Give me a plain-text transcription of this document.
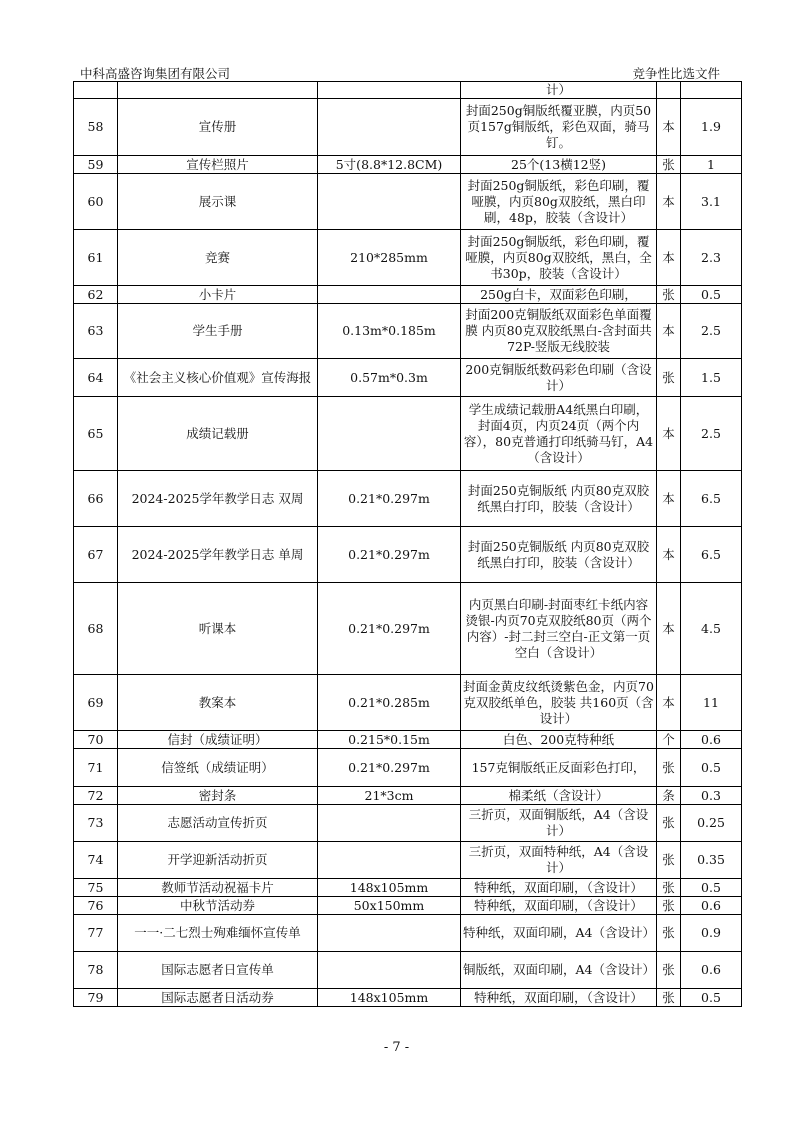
中科高盛咨询集团有限公司	竞争性比选文件
			计）		
58	宣传册		封面250g铜版纸覆亚膜，内页50页157g铜版纸，彩色双面，骑马钉。	本	1.9
59	宣传栏照片	5寸(8.8*12.8CM)	25个(13横12竖)	张	1
60	展示课		封面250g铜版纸，彩色印刷，覆哑膜，内页80g双胶纸，黑白印刷，48p，胶装（含设计）	本	3.1
61	竞赛	210*285mm	封面250g铜版纸，彩色印刷，覆哑膜，内页80g双胶纸，黑白，全书30p，胶装（含设计）	本	2.3
62	小卡片		250g白卡，双面彩色印刷，	张	0.5
63	学生手册	0.13m*0.185m	封面200克铜版纸双面彩色单面覆膜 内页80克双胶纸黑白-含封面共72P-竖版无线胶装	本	2.5
64	《社会主义核心价值观》宣传海报	0.57m*0.3m	200克铜版纸数码彩色印刷（含设计）	张	1.5
65	成绩记载册		学生成绩记载册A4纸黑白印刷，封面4页，内页24页（两个内容），80克普通打印纸骑马钉，A4（含设计）	本	2.5
66	2024-2025学年教学日志 双周	0.21*0.297m	封面250克铜版纸 内页80克双胶纸黑白打印，胶装（含设计）	本	6.5
67	2024-2025学年教学日志 单周	0.21*0.297m	封面250克铜版纸 内页80克双胶纸黑白打印，胶装（含设计）	本	6.5
68	听课本	0.21*0.297m	内页黑白印刷-封面枣红卡纸内容烫银-内页70克双胶纸80页（两个内容）-封二封三空白-正文第一页空白（含设计）	本	4.5
69	教案本	0.21*0.285m	封面金黄皮纹纸烫紫色金，内页70克双胶纸单色，胶装 共160页（含设计）	本	11
70	信封（成绩证明）	0.215*0.15m	白色、200克特种纸	个	0.6
71	信签纸（成绩证明）	0.21*0.297m	157克铜版纸正反面彩色打印，	张	0.5
72	密封条	21*3cm	棉柔纸（含设计）	条	0.3
73	志愿活动宣传折页		三折页，双面铜版纸，A4（含设计）	张	0.25
74	开学迎新活动折页		三折页，双面特种纸，A4（含设计）	张	0.35
75	教师节活动祝福卡片	148x105mm	特种纸，双面印刷，（含设计）	张	0.5
76	中秋节活动券	50x150mm	特种纸，双面印刷，（含设计）	张	0.6
77	一一·二七烈士殉难缅怀宣传单		特种纸，双面印刷，A4（含设计）	张	0.9
78	国际志愿者日宣传单		铜版纸，双面印刷，A4（含设计）	张	0.6
79	国际志愿者日活动券	148x105mm	特种纸，双面印刷，（含设计）	张	0.5
- 7 -
